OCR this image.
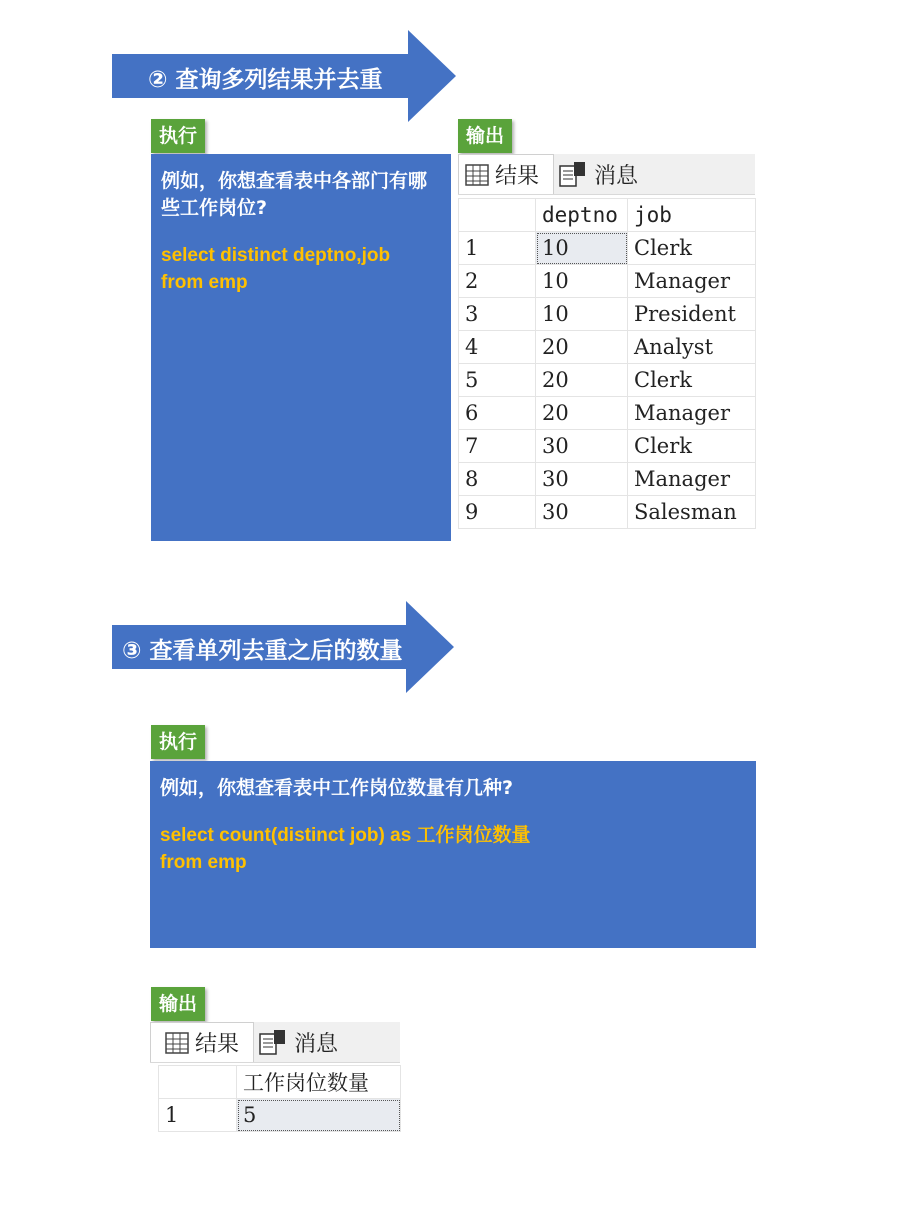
② 查询多列结果并去重
执行	输出
例如，你想查看表中各部门有哪些工作岗位?
select distinct deptno,job
from emp
结果 消息
	deptno	job
1	10	Clerk
2	10	Manager
3	10	President
4	20	Analyst
5	20	Clerk
6	20	Manager
7	30	Clerk
8	30	Manager
9	30	Salesman
③ 查看单列去重之后的数量
执行
例如，你想查看表中工作岗位数量有几种?
select count(distinct job) as 工作岗位数量
from emp
输出
结果 消息
	工作岗位数量
1	5
